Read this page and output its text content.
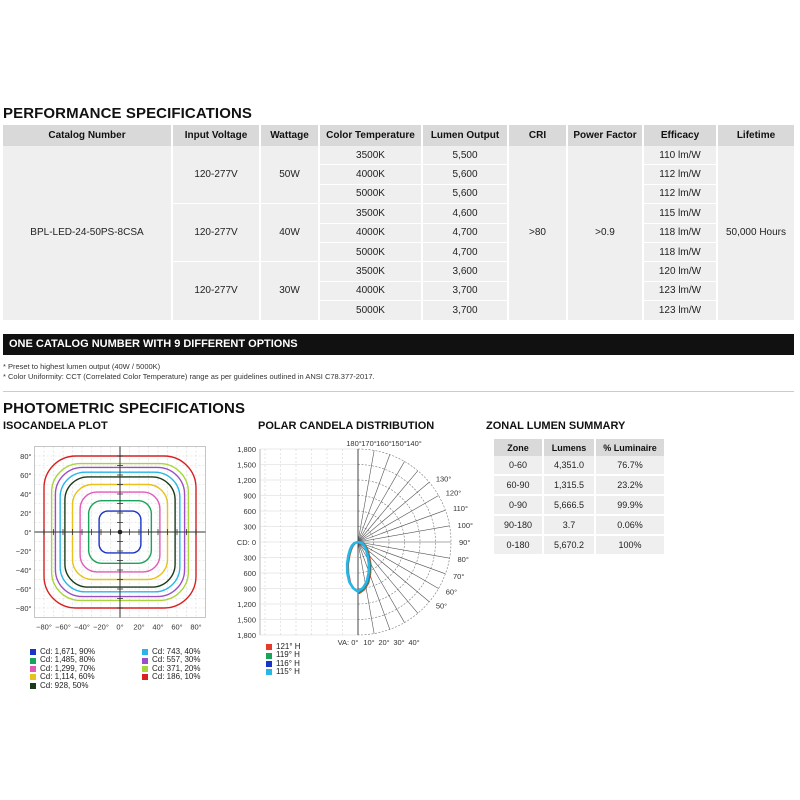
PERFORMANCE SPECIFICATIONS
Catalog Number	Input Voltage	Wattage	Color Temperature	Lumen Output	CRI	Power Factor	Efficacy	Lifetime
BPL-LED-24-50PS-8CSA	120-277V	50W	3500K	5,500	>80	>0.9	110 lm/W	50,000 Hours
			4000K	5,600			112 lm/W	
			5000K	5,600			112 lm/W	
	120-277V	40W	3500K	4,600			115 lm/W	
			4000K	4,700			118 lm/W	
			5000K	4,700			118 lm/W	
	120-277V	30W	3500K	3,600			120 lm/W	
			4000K	3,700			123 lm/W	
			5000K	3,700			123 lm/W	
ONE CATALOG NUMBER WITH 9 DIFFERENT OPTIONS
* Preset to highest lumen output (40W / 5000K)
* Color Uniformity: CCT (Correlated Color Temperature) range as per guidelines outlined in ANSI C78.377-2017.
PHOTOMETRIC SPECIFICATIONS
ISOCANDELA PLOT	POLAR CANDELA DISTRIBUTION	ZONAL LUMEN SUMMARY
80°
60°
40°
20°
0°
−20°
−40°
−60°
−80°
−80° −60° −40° −20° 0° 20° 40° 60° 80°
Cd: 1,671, 90%
Cd: 1,485, 80%
Cd: 1,299, 70%
Cd: 1,114, 60%
Cd: 928, 50%
Cd: 743, 40%
Cd: 557, 30%
Cd: 371, 20%
Cd: 186, 10%
1,800
1,500
1,200
900
600
300
CD: 0
300
600
900
1,200
1,500
1,800
180° 170° 160° 150° 140°
130°
120°
110°
100°
90°
80°
70°
60°
50°
VA: 0° 10° 20° 30° 40°
121° H
119° H
116° H
115° H
Zone	Lumens	% Luminaire
0-60	4,351.0	76.7%
60-90	1,315.5	23.2%
0-90	5,666.5	99.9%
90-180	3.7	0.06%
0-180	5,670.2	100%
